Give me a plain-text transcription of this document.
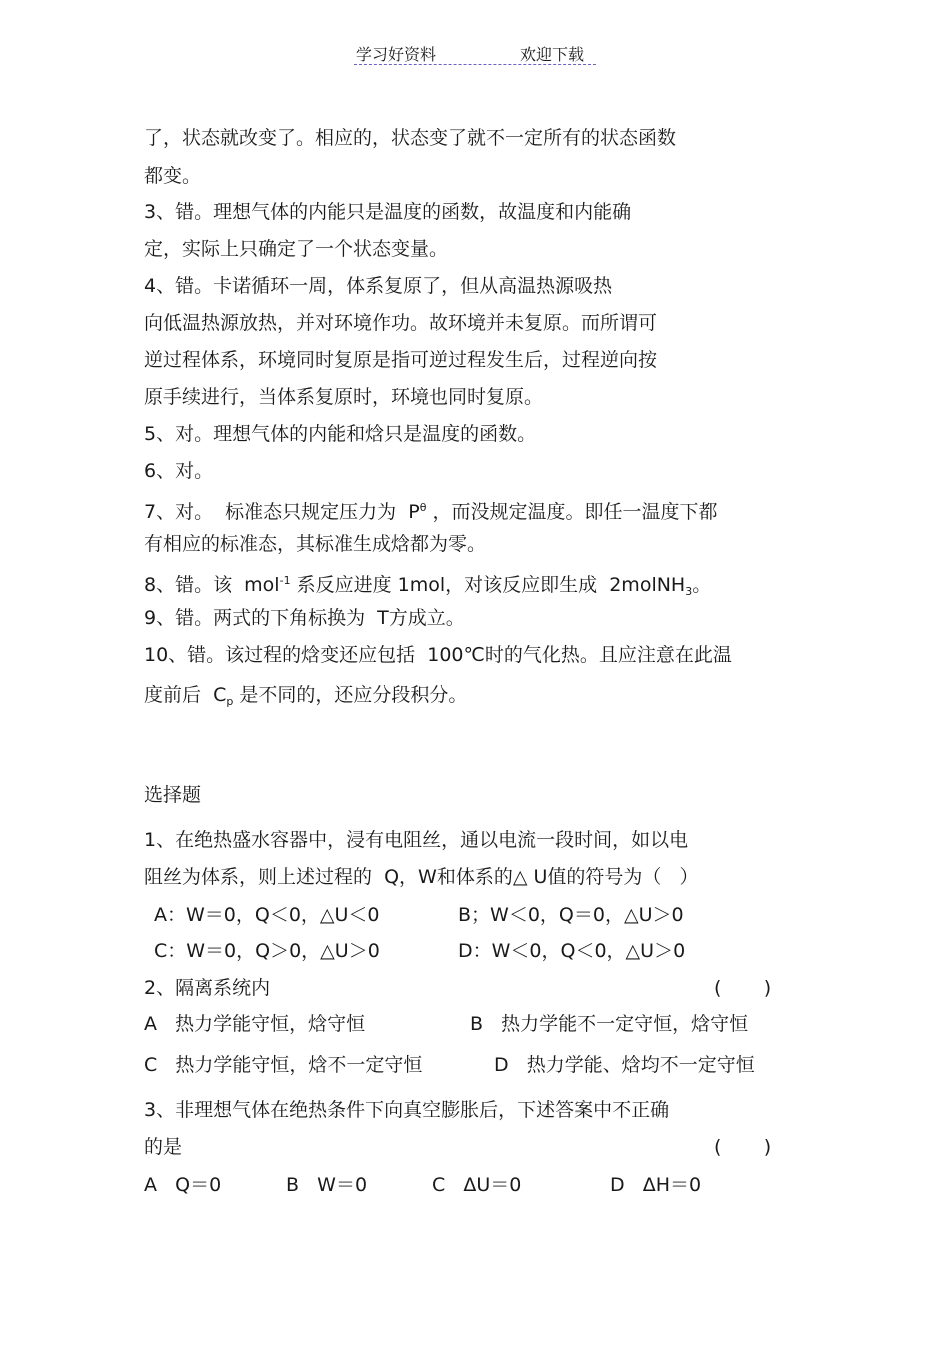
学习好资料	欢迎下载
了，状态就改变了。相应的，状态变了就不一定所有的状态函数
都变。
3、错。理想气体的内能只是温度的函数，故温度和内能确
定，实际上只确定了一个状态变量。
4、错。卡诺循环一周，体系复原了，但从高温热源吸热
向低温热源放热，并对环境作功。故环境并未复原。而所谓可
逆过程体系，环境同时复原是指可逆过程发生后，过程逆向按
原手续进行，当体系复原时，环境也同时复原。
5、对。理想气体的内能和焓只是温度的函数。
6、对。
7、对。  标准态只规定压力为  $P^\theta$ ，而没规定温度。即任一温度下都
有相应的标准态，其标准生成焓都为零。
8、错。该  mol$^{-1}$ 系反应进度 1mol，对该反应即生成  2molNH$_3$。
9、错。两式的下角标换为  T方成立。
10、错。该过程的焓变还应包括  100℃时的气化热。且应注意在此温
度前后  $C_p$ 是不同的，还应分段积分。
选择题
1、在绝热盛水容器中，浸有电阻丝，通以电流一段时间，如以电
阻丝为体系，则上述过程的  Q，W和体系的△ U值的符号为（   ）
A：W＝0，Q＜0，△U＜0	B；W＜0，Q＝0，△U＞0
C：W＝0，Q＞0，△U＞0	D：W＜0，Q＜0，△U＞0
2、隔离系统内	(       )
A   热力学能守恒，焓守恒	B   热力学能不一定守恒，焓守恒
C   热力学能守恒，焓不一定守恒	D   热力学能、焓均不一定守恒
3、非理想气体在绝热条件下向真空膨胀后，下述答案中不正确
的是	(       )
A   Q＝0	B   W＝0	C   ΔU＝0	D   ΔH＝0
